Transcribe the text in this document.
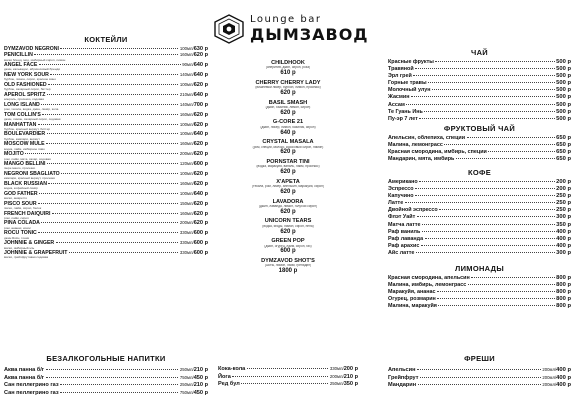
Lounge bar
ДЫМЗАВОД
КОКТЕЙЛИ
DYMZAVOD NEGRONI	100мл / 630 р
PENICILLIN	160мл / 620 р
виски бленд, мёд, имбирный сироп, лимон
ANGEL FACE	90мл / 640 р
джин, кальвадос, абрикосовый бренди
NEW YORK SOUR	140мл / 640 р
бурбон, лимон, сироп, красное вино
OLD FASHIONED	100мл / 620 р
бурбон, сахарный сироп, биттер
APEROL SPRITZ	210мл / 640 р
апероль, просекко, содовая
LONG ISLAND	140мл / 700 р
ром, текила, водка, джин, ликёр, кола
TOM COLLIN'S	160мл / 620 р
джин, лимон, сахарный сироп, содовая
MANHATTAN	100мл / 620 р
бурбон, красный вермут, биттер
BOULEVARDIER	100мл / 640 р
бурбон, кампари, вермут
MOSCOW MULE	160мл / 620 р
водка, лайм, имбирное пиво
MOJITO	200мл / 620 р
ром, лайм, мята, сахар, содовая
MANGO BELLINI	120мл / 600 р
пюре манго, просекко
NEGRONI SBAGLIATO	100мл / 620 р
кампари, красный вермут, просекко
BLACK RUSSIAN	160мл / 620 р
водка, кофейный ликёр
GOD FATHER	100мл / 640 р
виски, амаретто
PISCO SOUR	150мл / 620 р
писко, лайм, сироп, белок
FRENCH DAIQUIRI	160мл / 620 р
ром, лайм, сироп
PINA COLADA	200мл / 620 р
ром, ананас, кокос
ROCU TONIC	330мл / 600 р
джин Roku, тоник
JOHNNIE & GINGER	330мл / 600 р
виски, имбирный эль
JOHNNIE & GRAPEFRUIT	330мл / 600 р
виски, грейпфрутовая содовая
CHILDHOOK
(аперитив, джин, сироп, роза)
610 р
CHERRY CHERRY LADY
(вишнёвый ликёр, бурбон, лимон, просекко)
620 р
BASIL SMASH
(джин, базилик, лимон, сироп)
620 р
G-CORE 21
(джин, ликёр, лимон, базилик, сироп)
640 р
CRYSTAL MASALA
(ром, специи, молоко, кокосовый сироп, лимон)
620 р
PORNSTAR TINI
(водка, маракуйя, ваниль, лайм, просекко)
620 р
X'APETA
(текила, ром, ликёр, апельсин, маракуйя, сироп)
620 р
LAVADORA
(джин, лаванда, лимон, голубой сироп)
620 р
UNICORN TEARS
(водка, ягоды, лимон, сироп, пена)
620 р
GREEN POP
(джин, огурец, лайм, сироп, газ)
600 р
DYMZAVOD SHOT'S
(шоты, лимон, лайм, гренадин)
1800 р
ЧАЙ
Красные фрукты	500 р
Травяной	500 р
Эрл грей	500 р
Горные травы	500 р
Молочный улун	500 р
Жасмин	500 р
Ассам	500 р
Те Гуань Инь	500 р
Пу-эр 7 лет	500 р
ФРУКТОВЫЙ ЧАЙ
Апельсин, облепиха, специи	650 р
Малина, лемонграсс	650 р
Красная смородина, имбирь, специи	650 р
Мандарин, мята, имбирь	650 р
КОФЕ
Американо	200 р
Эспрессо	200 р
Капучино	250 р
Латте	250 р
Двойной эспрессо	250 р
Флэт Уайт	300 р
Матча латте	350 р
Раф ваниль	400 р
Раф лаванда	400 р
Раф арахис	400 р
Айс латте	300 р
ЛИМОНАДЫ
Красная смородина, апельсин	800 р
Малина, имбирь, лемонграсс	800 р
Маракуйя, ананас	800 р
Огурец, розмарин	800 р
Малина, маракуйя	800 р
БЕЗАЛКОГОЛЬНЫЕ НАПИТКИ
Аква панна б/г	250мл / 210 р
Аква панна б/г	750мл / 450 р
Сан пеллегрино газ	250мл / 210 р
Сан пеллегрино газ	750мл / 450 р
Кока-кола	330мл / 200 р
Йога	200мл / 210 р
Ред бул	250мл / 350 р
ФРЕШИ
Апельсин	200мл / 400 р
Грейпфрут	200мл / 400 р
Мандарин	200мл / 400 р
